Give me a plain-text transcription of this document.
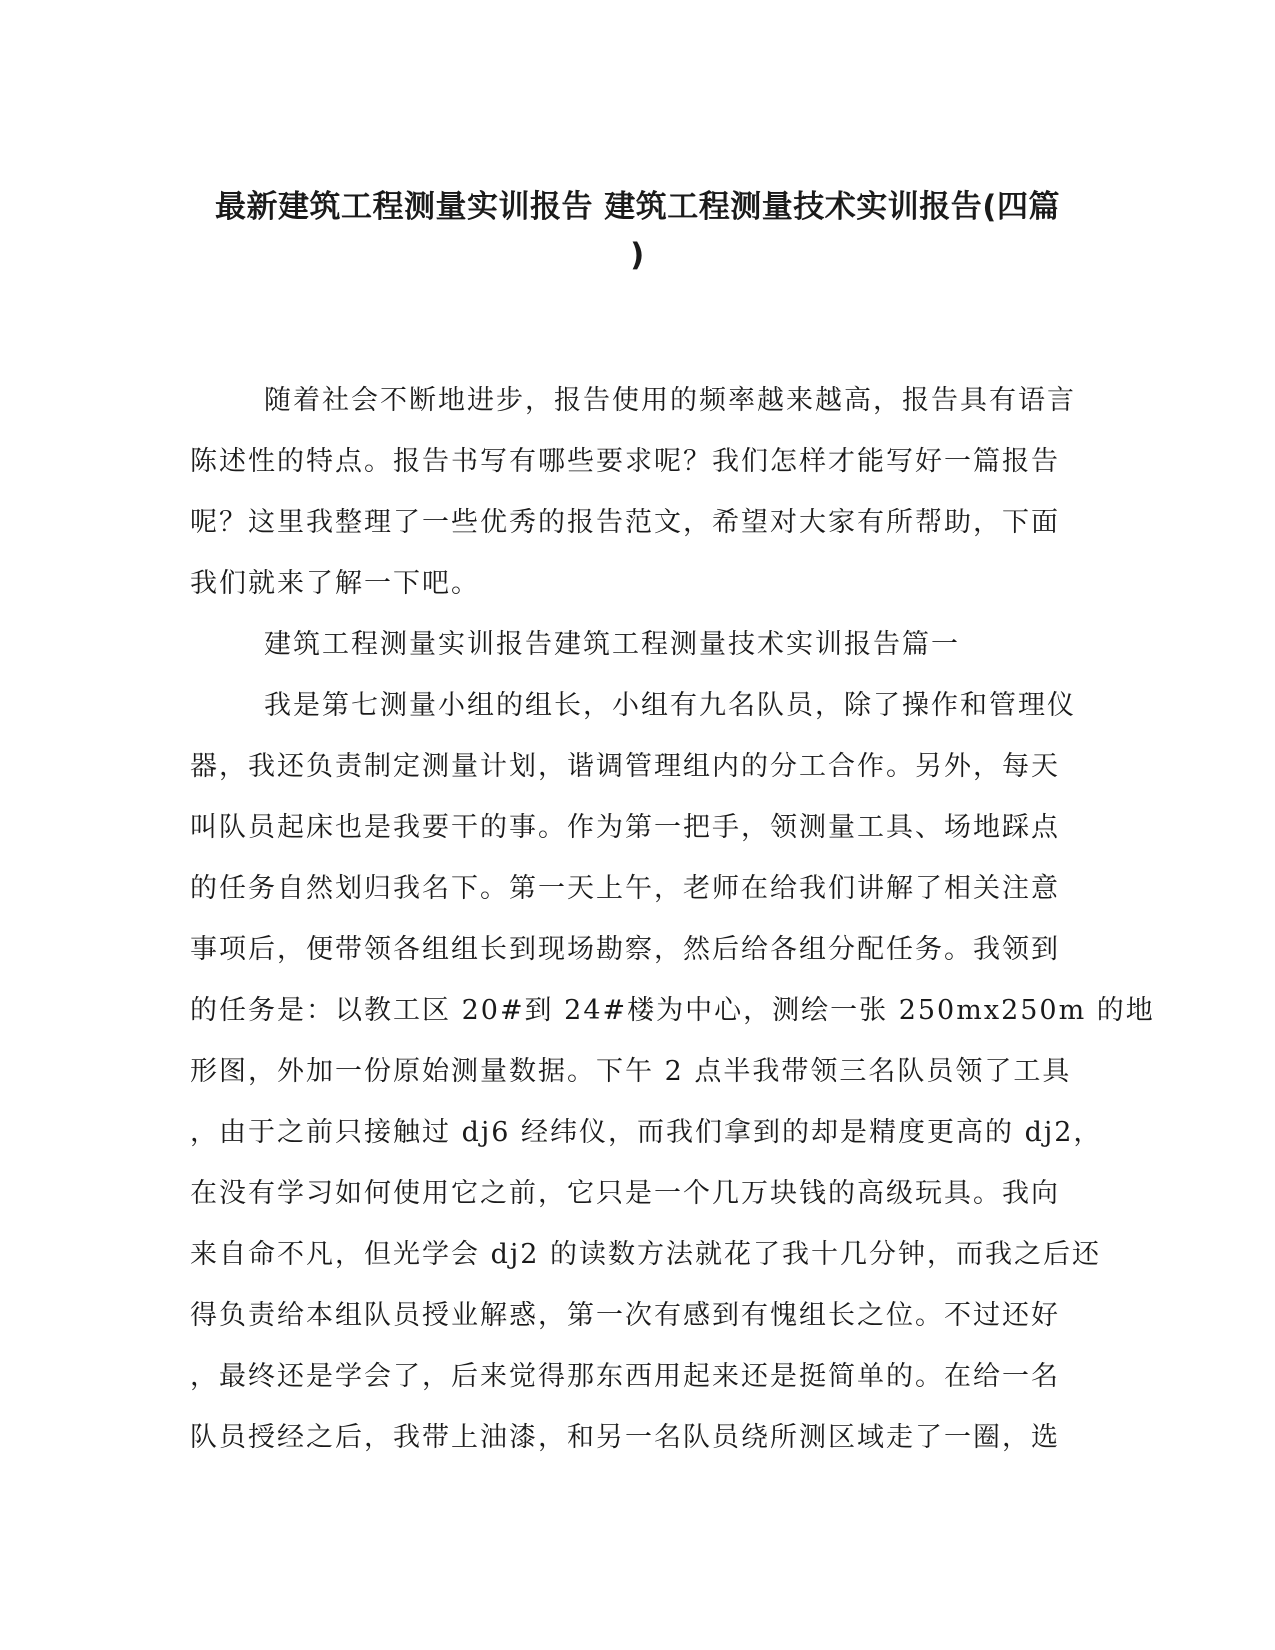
最新建筑工程测量实训报告 建筑工程测量技术实训报告(四篇
)
随着社会不断地进步，报告使用的频率越来越高，报告具有语言
陈述性的特点。报告书写有哪些要求呢？我们怎样才能写好一篇报告
呢？这里我整理了一些优秀的报告范文，希望对大家有所帮助，下面
我们就来了解一下吧。
建筑工程测量实训报告建筑工程测量技术实训报告篇一
我是第七测量小组的组长，小组有九名队员，除了操作和管理仪
器，我还负责制定测量计划，谐调管理组内的分工合作。另外，每天
叫队员起床也是我要干的事。作为第一把手，领测量工具、场地踩点
的任务自然划归我名下。第一天上午，老师在给我们讲解了相关注意
事项后，便带领各组组长到现场勘察，然后给各组分配任务。我领到
的任务是：以教工区 20#到 24#楼为中心，测绘一张 250mx250m 的地
形图，外加一份原始测量数据。下午 2 点半我带领三名队员领了工具
，由于之前只接触过 dj6 经纬仪，而我们拿到的却是精度更高的 dj2，
在没有学习如何使用它之前，它只是一个几万块钱的高级玩具。我向
来自命不凡，但光学会 dj2 的读数方法就花了我十几分钟，而我之后还
得负责给本组队员授业解惑，第一次有感到有愧组长之位。不过还好
，最终还是学会了，后来觉得那东西用起来还是挺简单的。在给一名
队员授经之后，我带上油漆，和另一名队员绕所测区域走了一圈，选
